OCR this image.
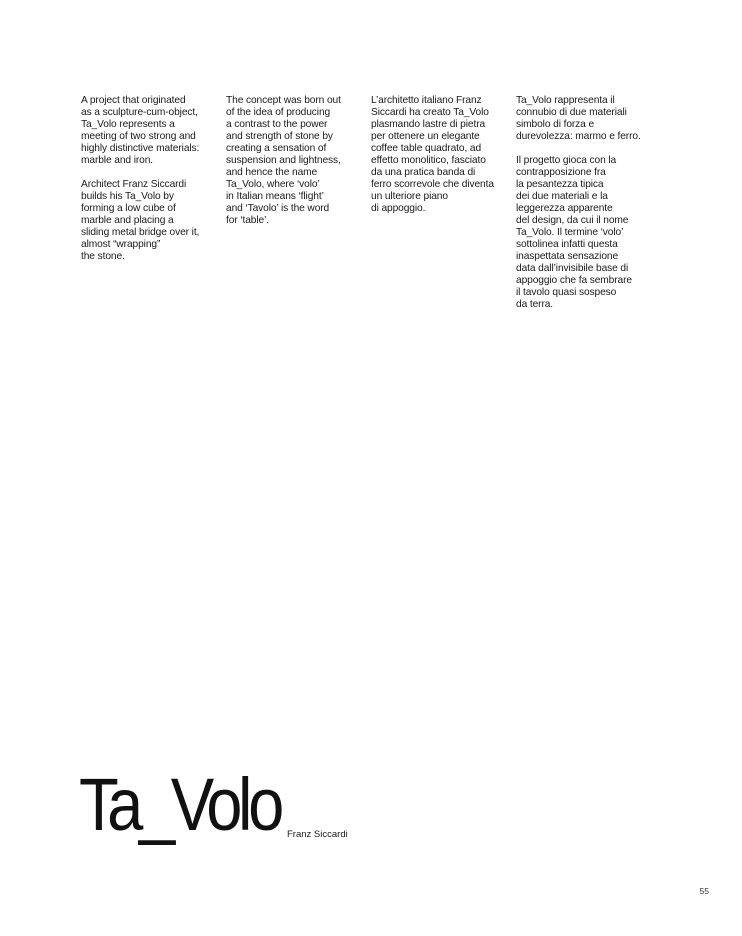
A project that originated
as a sculpture-cum-object,
Ta_Volo represents a
meeting of two strong and
highly distinctive materials:
marble and iron.

Architect Franz Siccardi
builds his Ta_Volo by
forming a low cube of
marble and placing a
sliding metal bridge over it,
almost “wrapping”
the stone.

The concept was born out
of the idea of producing
a contrast to the power
and strength of stone by
creating a sensation of
suspension and lightness,
and hence the name
Ta_Volo, where ‘volo’
in Italian means ‘flight’
and ‘Tavolo’ is the word
for ‘table’.

L’architetto italiano Franz
Siccardi ha creato Ta_Volo
plasmando lastre di pietra
per ottenere un elegante
coffee table quadrato, ad
effetto monolitico, fasciato
da una pratica banda di
ferro scorrevole che diventa
un ulteriore piano
di appoggio.

Ta_Volo rappresenta il
connubio di due materiali
simbolo di forza e
durevolezza: marmo e ferro.

Il progetto gioca con la
contrapposizione fra
la pesantezza tipica
dei due materiali e la
leggerezza apparente
del design, da cui il nome
Ta_Volo. Il termine ‘volo’
sottolinea infatti questa
inaspettata sensazione
data dall’invisibile base di
appoggio che fa sembrare
il tavolo quasi sospeso
da terra.

Ta_Volo Franz Siccardi
55
